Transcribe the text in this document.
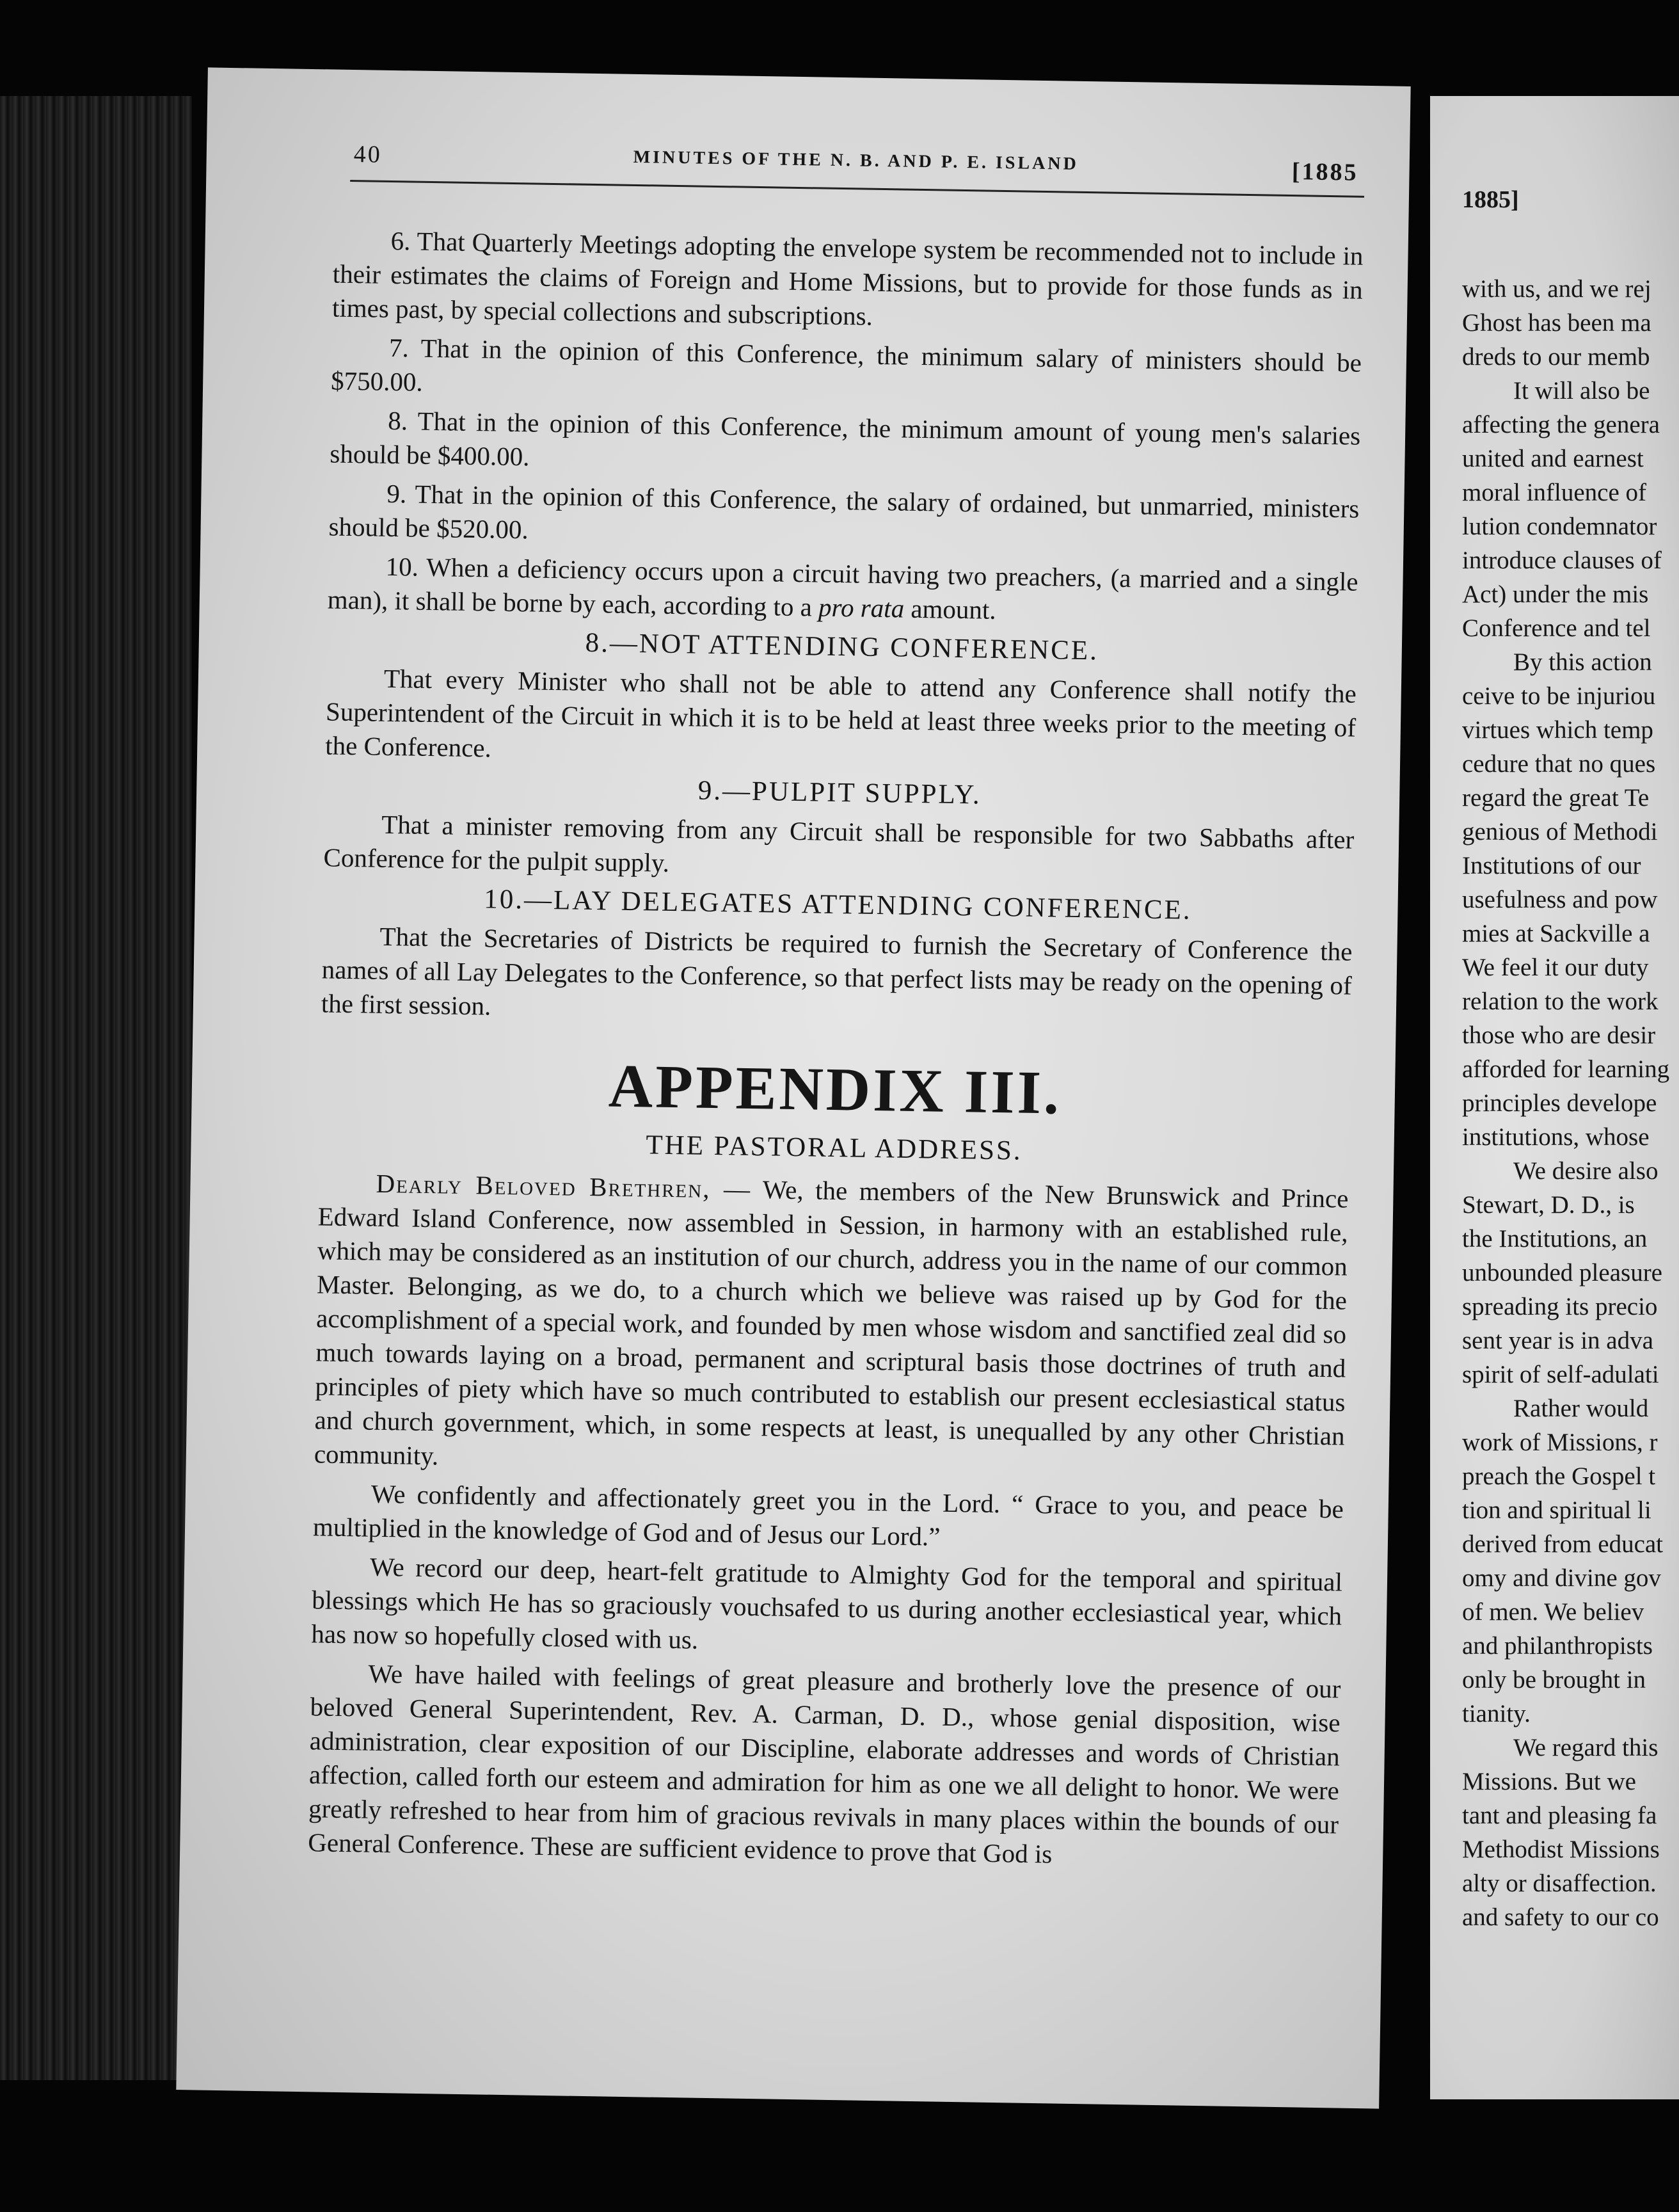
40	MINUTES OF THE N. B. AND P. E. ISLAND	[1885

6. That Quarterly Meetings adopting the envelope system be recommended not to include in their estimates the claims of Foreign and Home Missions, but to provide for those funds as in times past, by special collections and subscriptions.

7. That in the opinion of this Conference, the minimum salary of ministers should be $750.00.

8. That in the opinion of this Conference, the minimum amount of young men's salaries should be $400.00.

9. That in the opinion of this Conference, the salary of ordained, but unmarried, ministers should be $520.00.

10. When a deficiency occurs upon a circuit having two preachers, (a married and a single man), it shall be borne by each, according to a pro rata amount.

8.—NOT ATTENDING CONFERENCE.

That every Minister who shall not be able to attend any Conference shall notify the Superintendent of the Circuit in which it is to be held at least three weeks prior to the meeting of the Conference.

9.—PULPIT SUPPLY.

That a minister removing from any Circuit shall be responsible for two Sabbaths after Conference for the pulpit supply.

10.—LAY DELEGATES ATTENDING CONFERENCE.

That the Secretaries of Districts be required to furnish the Secretary of Conference the names of all Lay Delegates to the Conference, so that perfect lists may be ready on the opening of the first session.

APPENDIX III.
THE PASTORAL ADDRESS.

Dearly Beloved Brethren, — We, the members of the New Brunswick and Prince Edward Island Conference, now assembled in Session, in harmony with an established rule, which may be considered as an institution of our church, address you in the name of our common Master. Belonging, as we do, to a church which we believe was raised up by God for the accomplishment of a special work, and founded by men whose wisdom and sanctified zeal did so much towards laying on a broad, permanent and scriptural basis those doctrines of truth and principles of piety which have so much contributed to establish our present ecclesiastical status and church government, which, in some respects at least, is unequalled by any other Christian community.

We confidently and affectionately greet you in the Lord. “ Grace to you, and peace be multiplied in the knowledge of God and of Jesus our Lord.”

We record our deep, heart-felt gratitude to Almighty God for the temporal and spiritual blessings which He has so graciously vouchsafed to us during another ecclesiastical year, which has now so hopefully closed with us.

We have hailed with feelings of great pleasure and brotherly love the presence of our beloved General Superintendent, Rev. A. Carman, D. D., whose genial disposition, wise administration, clear exposition of our Discipline, elaborate addresses and words of Christian affection, called forth our esteem and admiration for him as one we all delight to honor. We were greatly refreshed to hear from him of gracious revivals in many places within the bounds of our General Conference. These are sufficient evidence to prove that God is

1885]
with us, and we rej
Ghost has been ma
dreds to our memb
It will also be
affecting the genera
united and earnest
moral influence of
lution condemnator
introduce clauses of
Act) under the mis
Conference and tel
By this action
ceive to be injuriou
virtues which temp
cedure that no ques
regard the great Te
genious of Methodi
Institutions of our
usefulness and pow
mies at Sackville a
We feel it our duty
relation to the work
those who are desir
afforded for learning
principles develope
institutions, whose
We desire also
Stewart, D. D., is
the Institutions, an
unbounded pleasure
spreading its precio
sent year is in adva
spirit of self-adulati
Rather would
work of Missions, r
preach the Gospel t
tion and spiritual li
derived from educat
omy and divine gov
of men. We believ
and philanthropists
only be brought in
tianity.
We regard this
Missions. But we
tant and pleasing fa
Methodist Missions
alty or disaffection.
and safety to our co
